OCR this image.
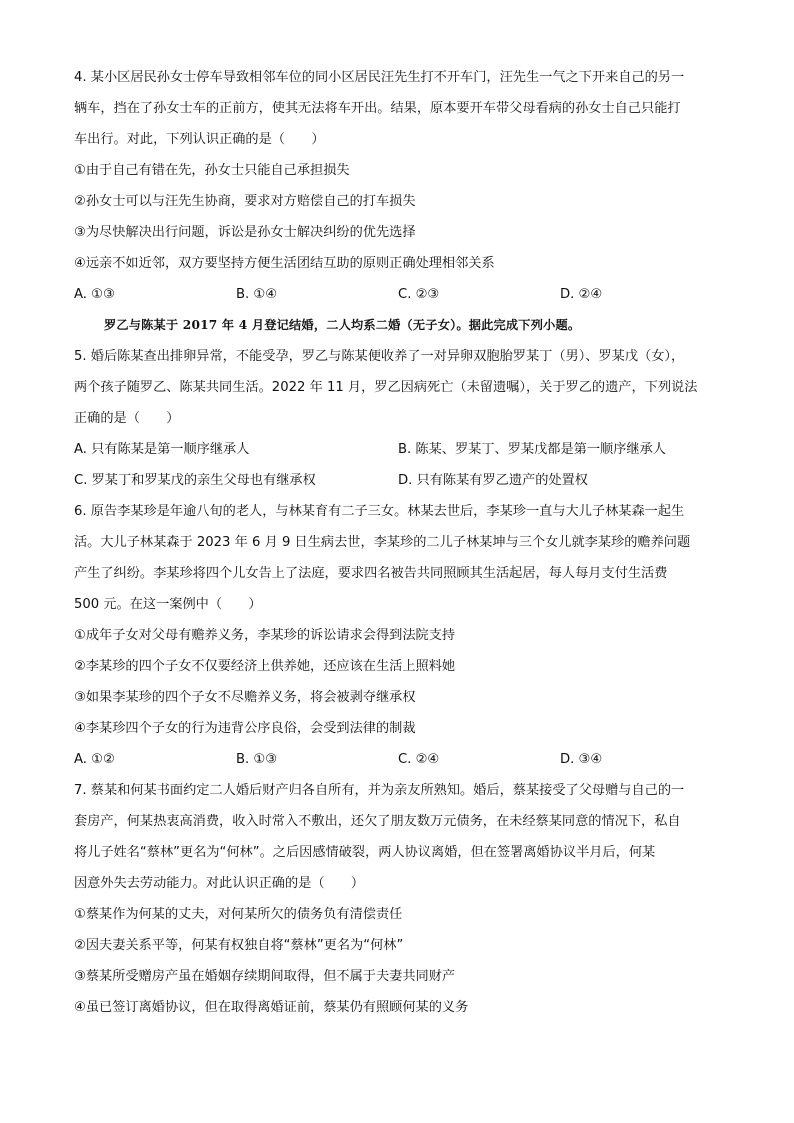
4. 某小区居民孙女士停车导致相邻车位的同小区居民汪先生打不开车门，汪先生一气之下开来自己的另一
辆车，挡在了孙女士车的正前方，使其无法将车开出。结果，原本要开车带父母看病的孙女士自己只能打
车出行。对此，下列认识正确的是（　　）
①由于自己有错在先，孙女士只能自己承担损失
②孙女士可以与汪先生协商，要求对方赔偿自己的打车损失
③为尽快解决出行问题，诉讼是孙女士解决纠纷的优先选择
④远亲不如近邻，双方要坚持方便生活团结互助的原则正确处理相邻关系
A. ①③	B. ①④	C. ②③	D. ②④
罗乙与陈某于 2017 年 4 月登记结婚，二人均系二婚（无子女）。据此完成下列小题。
5. 婚后陈某查出排卵异常，不能受孕，罗乙与陈某便收养了一对异卵双胞胎罗某丁（男）、罗某戊（女），
两个孩子随罗乙、陈某共同生活。2022 年 11 月，罗乙因病死亡（未留遗嘱），关于罗乙的遗产，下列说法
正确的是（　　）
A. 只有陈某是第一顺序继承人	B. 陈某、罗某丁、罗某戊都是第一顺序继承人
C. 罗某丁和罗某戊的亲生父母也有继承权	D. 只有陈某有罗乙遗产的处置权
6. 原告李某珍是年逾八旬的老人，与林某育有二子三女。林某去世后，李某珍一直与大儿子林某森一起生
活。大儿子林某森于 2023 年 6 月 9 日生病去世，李某珍的二儿子林某坤与三个女儿就李某珍的赡养问题
产生了纠纷。李某珍将四个儿女告上了法庭，要求四名被告共同照顾其生活起居，每人每月支付生活费
500 元。在这一案例中（　　）
①成年子女对父母有赡养义务，李某珍的诉讼请求会得到法院支持
②李某珍的四个子女不仅要经济上供养她，还应该在生活上照料她
③如果李某珍的四个子女不尽赡养义务，将会被剥夺继承权
④李某珍四个子女的行为违背公序良俗，会受到法律的制裁
A. ①②	B. ①③	C. ②④	D. ③④
7. 蔡某和何某书面约定二人婚后财产归各自所有，并为亲友所熟知。婚后，蔡某接受了父母赠与自己的一
套房产，何某热衷高消费，收入时常入不敷出，还欠了朋友数万元债务，在未经蔡某同意的情况下，私自
将儿子姓名“蔡林”更名为“何林”。之后因感情破裂，两人协议离婚，但在签署离婚协议半月后，何某
因意外失去劳动能力。对此认识正确的是（　　）
①蔡某作为何某的丈夫，对何某所欠的债务负有清偿责任
②因夫妻关系平等，何某有权独自将“蔡林”更名为“何林”
③蔡某所受赠房产虽在婚姻存续期间取得，但不属于夫妻共同财产
④虽已签订离婚协议，但在取得离婚证前，蔡某仍有照顾何某的义务
